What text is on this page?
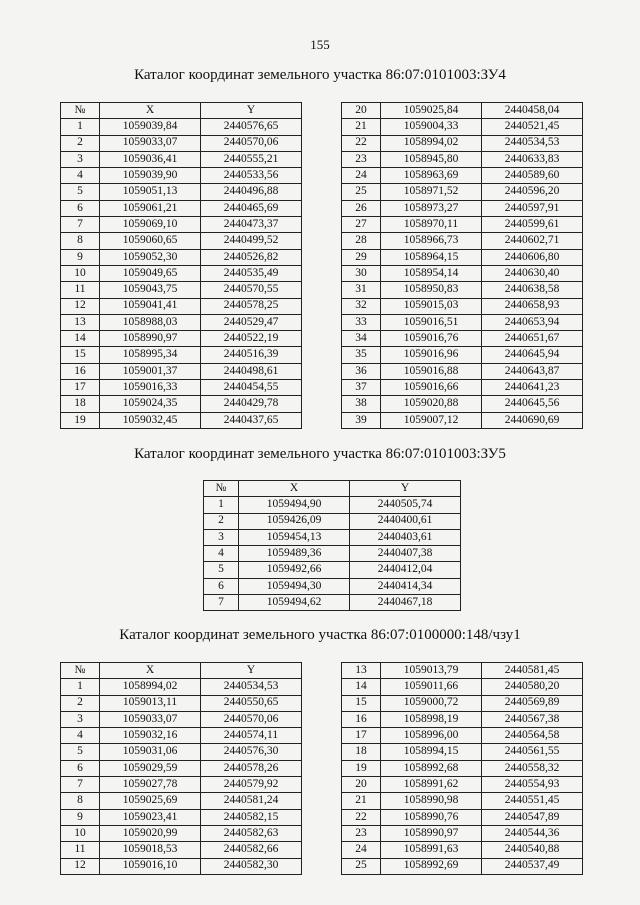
155
Каталог координат земельного участка 86:07:0101003:ЗУ4
№	X	Y
1	1059039,84	2440576,65
2	1059033,07	2440570,06
3	1059036,41	2440555,21
4	1059039,90	2440533,56
5	1059051,13	2440496,88
6	1059061,21	2440465,69
7	1059069,10	2440473,37
8	1059060,65	2440499,52
9	1059052,30	2440526,82
10	1059049,65	2440535,49
11	1059043,75	2440570,55
12	1059041,41	2440578,25
13	1058988,03	2440529,47
14	1058990,97	2440522,19
15	1058995,34	2440516,39
16	1059001,37	2440498,61
17	1059016,33	2440454,55
18	1059024,35	2440429,78
19	1059032,45	2440437,65
20	1059025,84	2440458,04
21	1059004,33	2440521,45
22	1058994,02	2440534,53
23	1058945,80	2440633,83
24	1058963,69	2440589,60
25	1058971,52	2440596,20
26	1058973,27	2440597,91
27	1058970,11	2440599,61
28	1058966,73	2440602,71
29	1058964,15	2440606,80
30	1058954,14	2440630,40
31	1058950,83	2440638,58
32	1059015,03	2440658,93
33	1059016,51	2440653,94
34	1059016,76	2440651,67
35	1059016,96	2440645,94
36	1059016,88	2440643,87
37	1059016,66	2440641,23
38	1059020,88	2440645,56
39	1059007,12	2440690,69
Каталог координат земельного участка 86:07:0101003:ЗУ5
№	X	Y
1	1059494,90	2440505,74
2	1059426,09	2440400,61
3	1059454,13	2440403,61
4	1059489,36	2440407,38
5	1059492,66	2440412,04
6	1059494,30	2440414,34
7	1059494,62	2440467,18
Каталог координат земельного участка 86:07:0100000:148/чзу1
№	X	Y
1	1058994,02	2440534,53
2	1059013,11	2440550,65
3	1059033,07	2440570,06
4	1059032,16	2440574,11
5	1059031,06	2440576,30
6	1059029,59	2440578,26
7	1059027,78	2440579,92
8	1059025,69	2440581,24
9	1059023,41	2440582,15
10	1059020,99	2440582,63
11	1059018,53	2440582,66
12	1059016,10	2440582,30
13	1059013,79	2440581,45
14	1059011,66	2440580,20
15	1059000,72	2440569,89
16	1058998,19	2440567,38
17	1058996,00	2440564,58
18	1058994,15	2440561,55
19	1058992,68	2440558,32
20	1058991,62	2440554,93
21	1058990,98	2440551,45
22	1058990,76	2440547,89
23	1058990,97	2440544,36
24	1058991,63	2440540,88
25	1058992,69	2440537,49
